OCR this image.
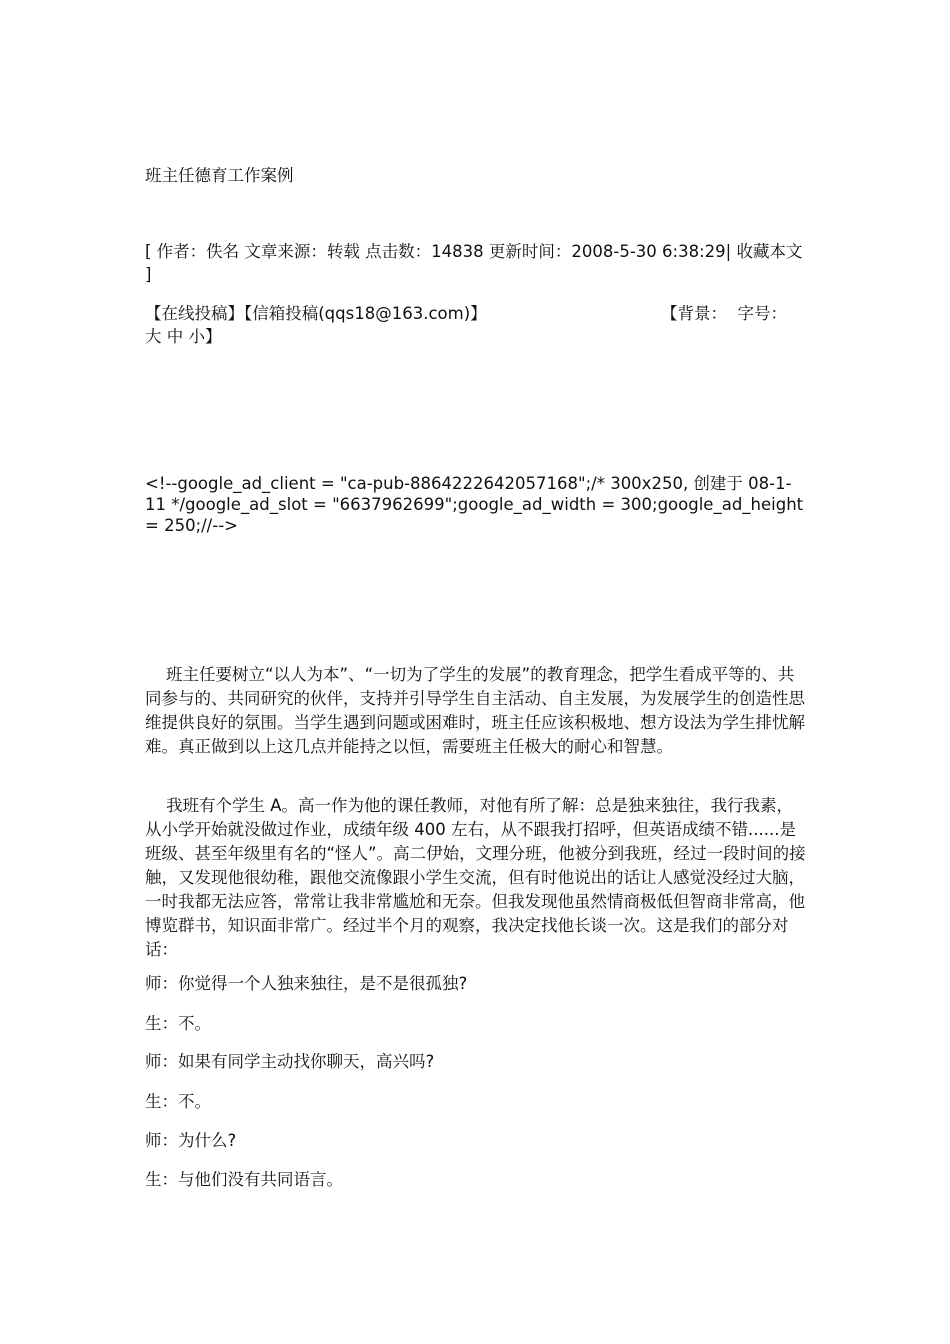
班主任德育工作案例

[ 作者：佚名 文章来源：转载 点击数：14838 更新时间：2008-5-30 6:38:29| 收藏本文 ]

【在线投稿】【信箱投稿(qqs18@163.com)】	【背景：  字号：

大 中 小】

<!--google_ad_client = "ca-pub-8864222642057168";/* 300x250, 创建于 08-1-11 */google_ad_slot = "6637962699";google_ad_width = 300;google_ad_height = 250;//-->

班主任要树立“以人为本”、“一切为了学生的发展”的教育理念，把学生看成平等的、共同参与的、共同研究的伙伴，支持并引导学生自主活动、自主发展，为发展学生的创造性思维提供良好的氛围。当学生遇到问题或困难时，班主任应该积极地、想方设法为学生排忧解难。真正做到以上这几点并能持之以恒，需要班主任极大的耐心和智慧。

我班有个学生 A。高一作为他的课任教师，对他有所了解：总是独来独往，我行我素，从小学开始就没做过作业，成绩年级 400 左右，从不跟我打招呼，但英语成绩不错......是班级、甚至年级里有名的“怪人”。高二伊始，文理分班，他被分到我班，经过一段时间的接触，又发现他很幼稚，跟他交流像跟小学生交流，但有时他说出的话让人感觉没经过大脑，一时我都无法应答，常常让我非常尴尬和无奈。但我发现他虽然情商极低但智商非常高，他博览群书，知识面非常广。经过半个月的观察，我决定找他长谈一次。这是我们的部分对话：

师：你觉得一个人独来独往，是不是很孤独?

生：不。

师：如果有同学主动找你聊天，高兴吗?

生：不。

师：为什么?

生：与他们没有共同语言。
